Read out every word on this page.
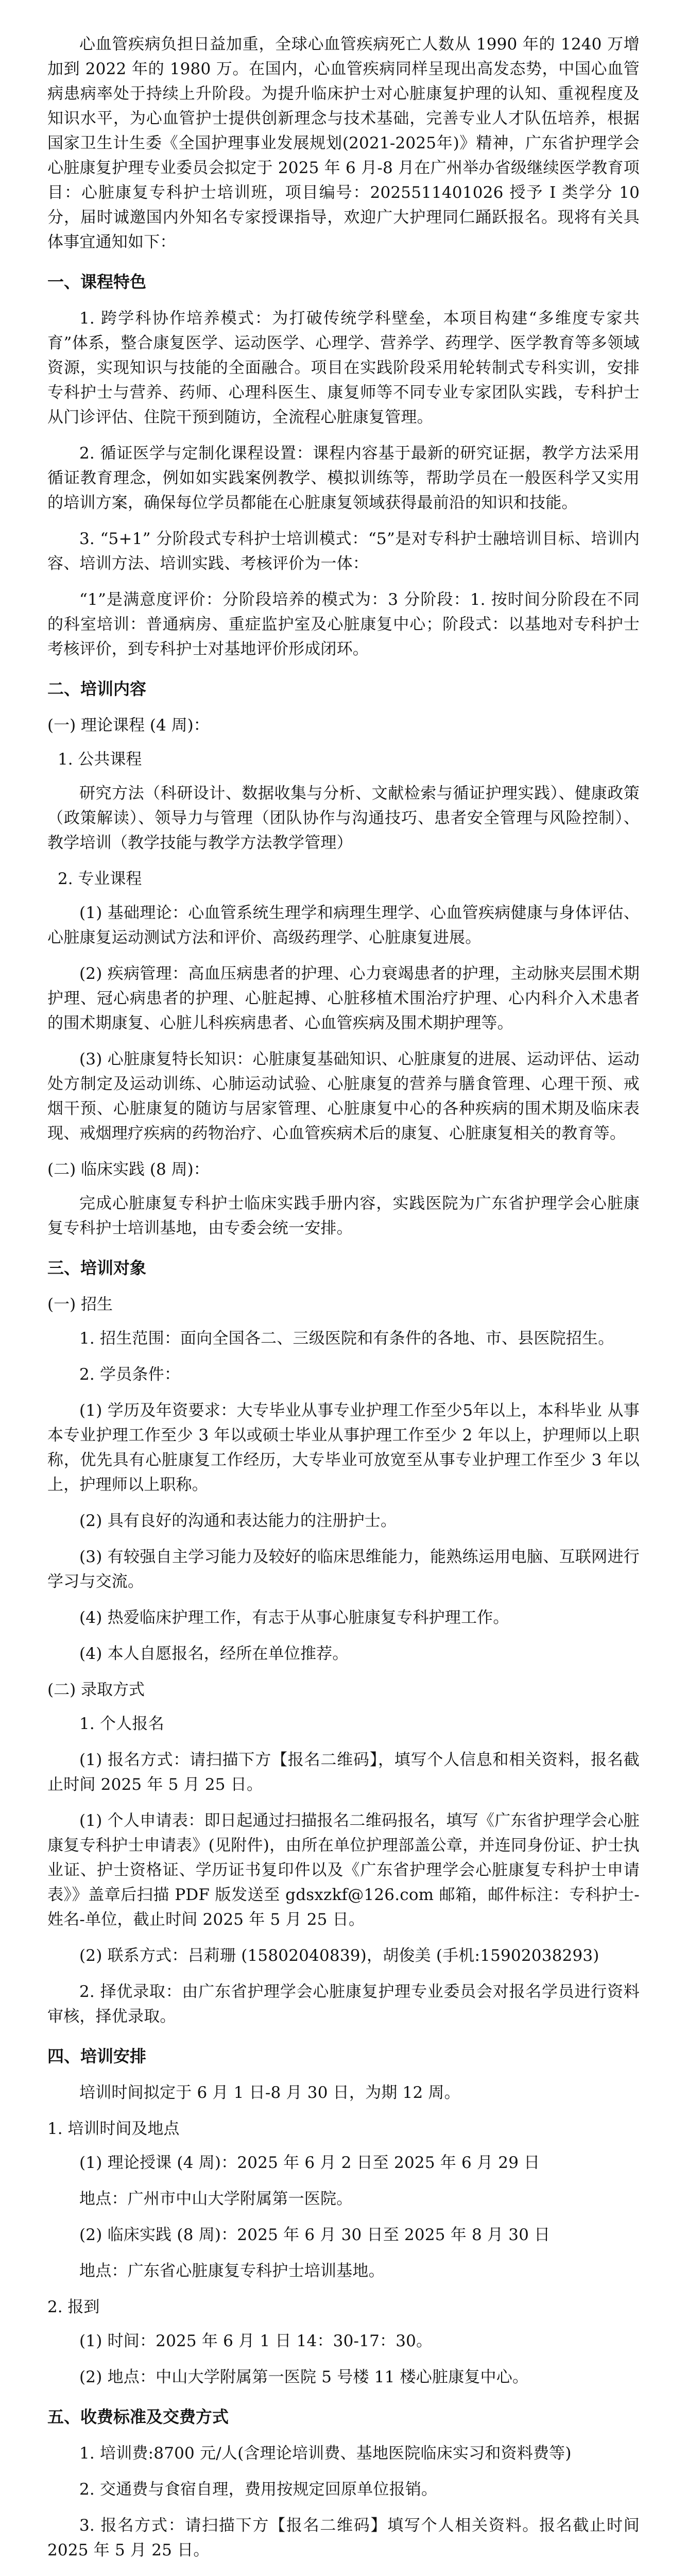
心血管疾病负担日益加重，全球心血管疾病死亡人数从 1990 年的 1240 万增加到 2022 年的 1980 万。在国内，心血管疾病同样呈现出高发态势，中国心血管病患病率处于持续上升阶段。为提升临床护士对心脏康复护理的认知、重视程度及知识水平，为心血管护士提供创新理念与技术基础，完善专业人才队伍培养，根据国家卫生计生委《全国护理事业发展规划(2021-2025年)》精神，广东省护理学会心脏康复护理专业委员会拟定于 2025 年 6 月-8 月在广州举办省级继续医学教育项目：心脏康复专科护士培训班，项目编号：2025511401026 授予 I 类学分 10 分，届时诚邀国内外知名专家授课指导，欢迎广大护理同仁踊跃报名。现将有关具体事宜通知如下：

一、课程特色

1. 跨学科协作培养模式：为打破传统学科壁垒，本项目构建“多维度专家共育”体系，整合康复医学、运动医学、心理学、营养学、药理学、医学教育等多领域资源，实现知识与技能的全面融合。项目在实践阶段采用轮转制式专科实训，安排专科护士与营养、药师、心理科医生、康复师等不同专业专家团队实践，专科护士从门诊评估、住院干预到随访，全流程心脏康复管理。

2. 循证医学与定制化课程设置：课程内容基于最新的研究证据，教学方法采用循证教育理念，例如如实践案例教学、模拟训练等，帮助学员在一般医科学又实用的培训方案，确保每位学员都能在心脏康复领域获得最前沿的知识和技能。

3. “5+1” 分阶段式专科护士培训模式：“5”是对专科护士融培训目标、培训内容、培训方法、培训实践、考核评价为一体：

“1”是满意度评价：分阶段培养的模式为：3 分阶段：1. 按时间分阶段在不同的科室培训：普通病房、重症监护室及心脏康复中心；阶段式：以基地对专科护士考核评价，到专科护士对基地评价形成闭环。

二、培训内容
(一) 理论课程 (4 周)：
1. 公共课程

研究方法（科研设计、数据收集与分析、文献检索与循证护理实践）、健康政策（政策解读）、领导力与管理（团队协作与沟通技巧、患者安全管理与风险控制）、教学培训（教学技能与教学方法教学管理）

2. 专业课程

(1) 基础理论：心血管系统生理学和病理生理学、心血管疾病健康与身体评估、心脏康复运动测试方法和评价、高级药理学、心脏康复进展。

(2) 疾病管理：高血压病患者的护理、心力衰竭患者的护理，主动脉夹层围术期护理、冠心病患者的护理、心脏起搏、心脏移植术围治疗护理、心内科介入术患者的围术期康复、心脏儿科疾病患者、心血管疾病及围术期护理等。

(3) 心脏康复特长知识：心脏康复基础知识、心脏康复的进展、运动评估、运动处方制定及运动训练、心肺运动试验、心脏康复的营养与膳食管理、心理干预、戒烟干预、心脏康复的随访与居家管理、心脏康复中心的各种疾病的围术期及临床表现、戒烟理疗疾病的药物治疗、心血管疾病术后的康复、心脏康复相关的教育等。

(二) 临床实践 (8 周)：

完成心脏康复专科护士临床实践手册内容，实践医院为广东省护理学会心脏康复专科护士培训基地，由专委会统一安排。

三、培训对象
(一) 招生

1. 招生范围：面向全国各二、三级医院和有条件的各地、市、县医院招生。

2. 学员条件：

(1) 学历及年资要求：大专毕业从事专业护理工作至少5年以上，本科毕业 从事本专业护理工作至少 3 年以或硕士毕业从事护理工作至少 2 年以上，护理师以上职称，优先具有心脏康复工作经历，大专毕业可放宽至从事专业护理工作至少 3 年以上，护理师以上职称。

(2) 具有良好的沟通和表达能力的注册护士。

(3) 有较强自主学习能力及较好的临床思维能力，能熟练运用电脑、互联网进行学习与交流。

(4) 热爱临床护理工作，有志于从事心脏康复专科护理工作。

(4) 本人自愿报名，经所在单位推荐。

(二) 录取方式

1. 个人报名

(1) 报名方式：请扫描下方【报名二维码】，填写个人信息和相关资料，报名截止时间 2025 年 5 月 25 日。

(1) 个人申请表：即日起通过扫描报名二维码报名，填写《广东省护理学会心脏康复专科护士申请表》(见附件)，由所在单位护理部盖公章，并连同身份证、护士执业证、护士资格证、学历证书复印件以及《广东省护理学会心脏康复专科护士申请表》》盖章后扫描 PDF 版发送至 gdsxzkf@126.com 邮箱，邮件标注：专科护士-姓名-单位，截止时间 2025 年 5 月 25 日。

(2) 联系方式：吕莉珊 (15802040839)，胡俊美 (手机:15902038293)

2. 择优录取：由广东省护理学会心脏康复护理专业委员会对报名学员进行资料审核，择优录取。

四、培训安排

培训时间拟定于 6 月 1 日-8 月 30 日，为期 12 周。

1. 培训时间及地点

(1) 理论授课 (4 周)：2025 年 6 月 2 日至 2025 年 6 月 29 日

地点：广州市中山大学附属第一医院。

(2) 临床实践 (8 周)：2025 年 6 月 30 日至 2025 年 8 月 30 日

地点：广东省心脏康复专科护士培训基地。

2. 报到

(1) 时间：2025 年 6 月 1 日 14：30-17：30。

(2) 地点：中山大学附属第一医院 5 号楼 11 楼心脏康复中心。

五、收费标准及交费方式

1. 培训费:8700 元/人(含理论培训费、基地医院临床实习和资料费等)

2. 交通费与食宿自理，费用按规定回原单位报销。

3. 报名方式：请扫描下方【报名二维码】填写个人相关资料。报名截止时间 2025 年 5 月 25 日。
